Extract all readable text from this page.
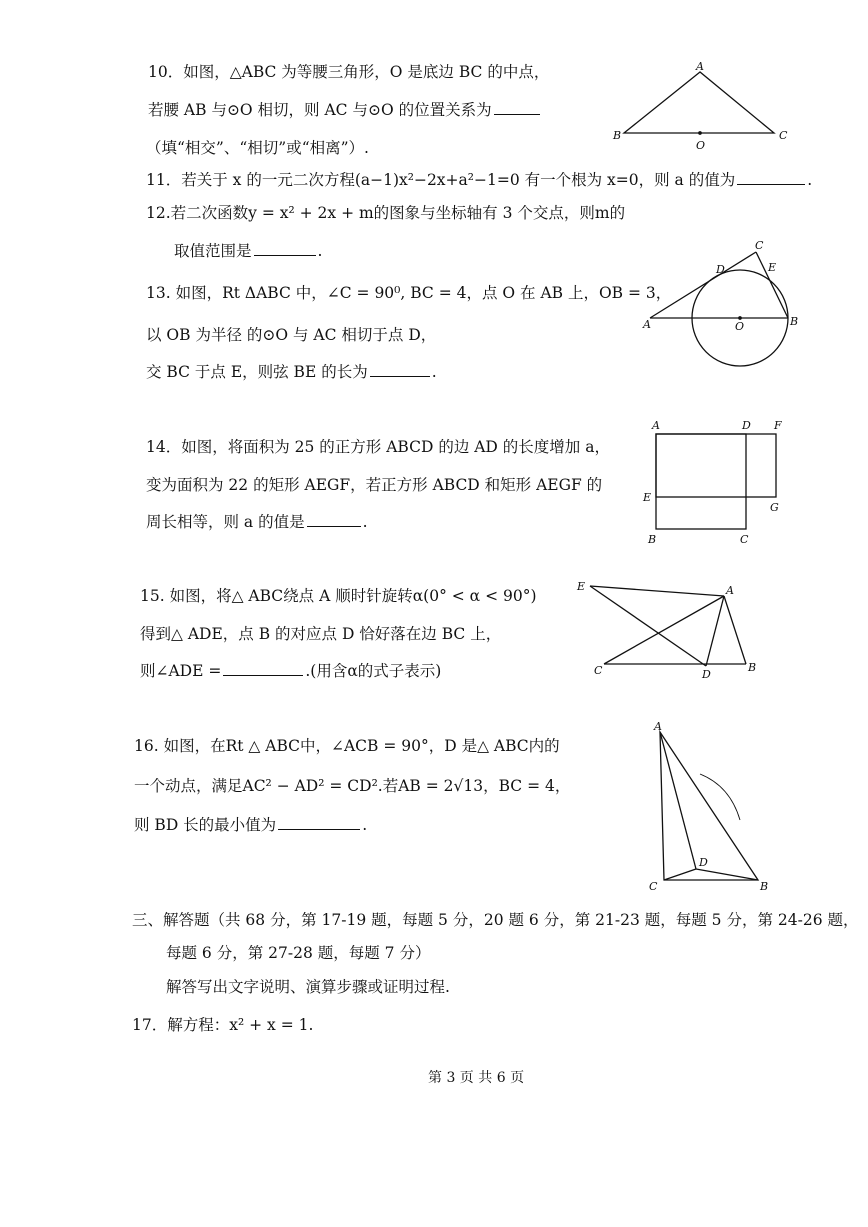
10．如图，△ABC 为等腰三角形，O 是底边 BC 的中点，
若腰 AB 与⊙O 相切，则 AC 与⊙O 的位置关系为
（填“相交”、“相切”或“相离”）.
A
B	C
O
11．若关于 x 的一元二次方程(a−1)x²−2x+a²−1=0 有一个根为 x=0，则 a 的值为	.
12.若二次函数y = x² + 2x + m的图象与坐标轴有 3 个交点，则m的
取值范围是	.
13. 如图，Rt ΔABC 中，∠C = 90⁰, BC = 4，点 O 在 AB 上，OB = 3，
以 OB 为半径 的⊙O 与 AC 相切于点 D，
交 BC 于点 E，则弦 BE 的长为	.
A	B
C
D	E
O
14．如图，将面积为 25 的正方形 ABCD 的边 AD 的长度增加 a，
变为面积为 22 的矩形 AEGF，若正方形 ABCD 和矩形 AEGF 的
周长相等，则 a 的值是	.
A	D F
E
G
B	C
15. 如图，将△ ABC绕点 A 顺时针旋转α(0° < α < 90°)
得到△ ADE，点 B 的对应点 D 恰好落在边 BC 上，
则∠ADE =	.(用含α的式子表示)
E	A
C	D
B
16. 如图，在Rt △ ABC中，∠ACB = 90°，D 是△ ABC内的
一个动点，满足AC² − AD² = CD².若AB = 2√13，BC = 4，
则 BD 长的最小值为	.
A
C
D
B
三、解答题（共 68 分，第 17-19 题，每题 5 分，20 题 6 分，第 21-23 题，每题 5 分，第 24-26 题，
每题 6 分，第 27-28 题，每题 7 分）
解答写出文字说明、演算步骤或证明过程.
17．解方程：x² + x = 1.
第 3 页 共 6 页
